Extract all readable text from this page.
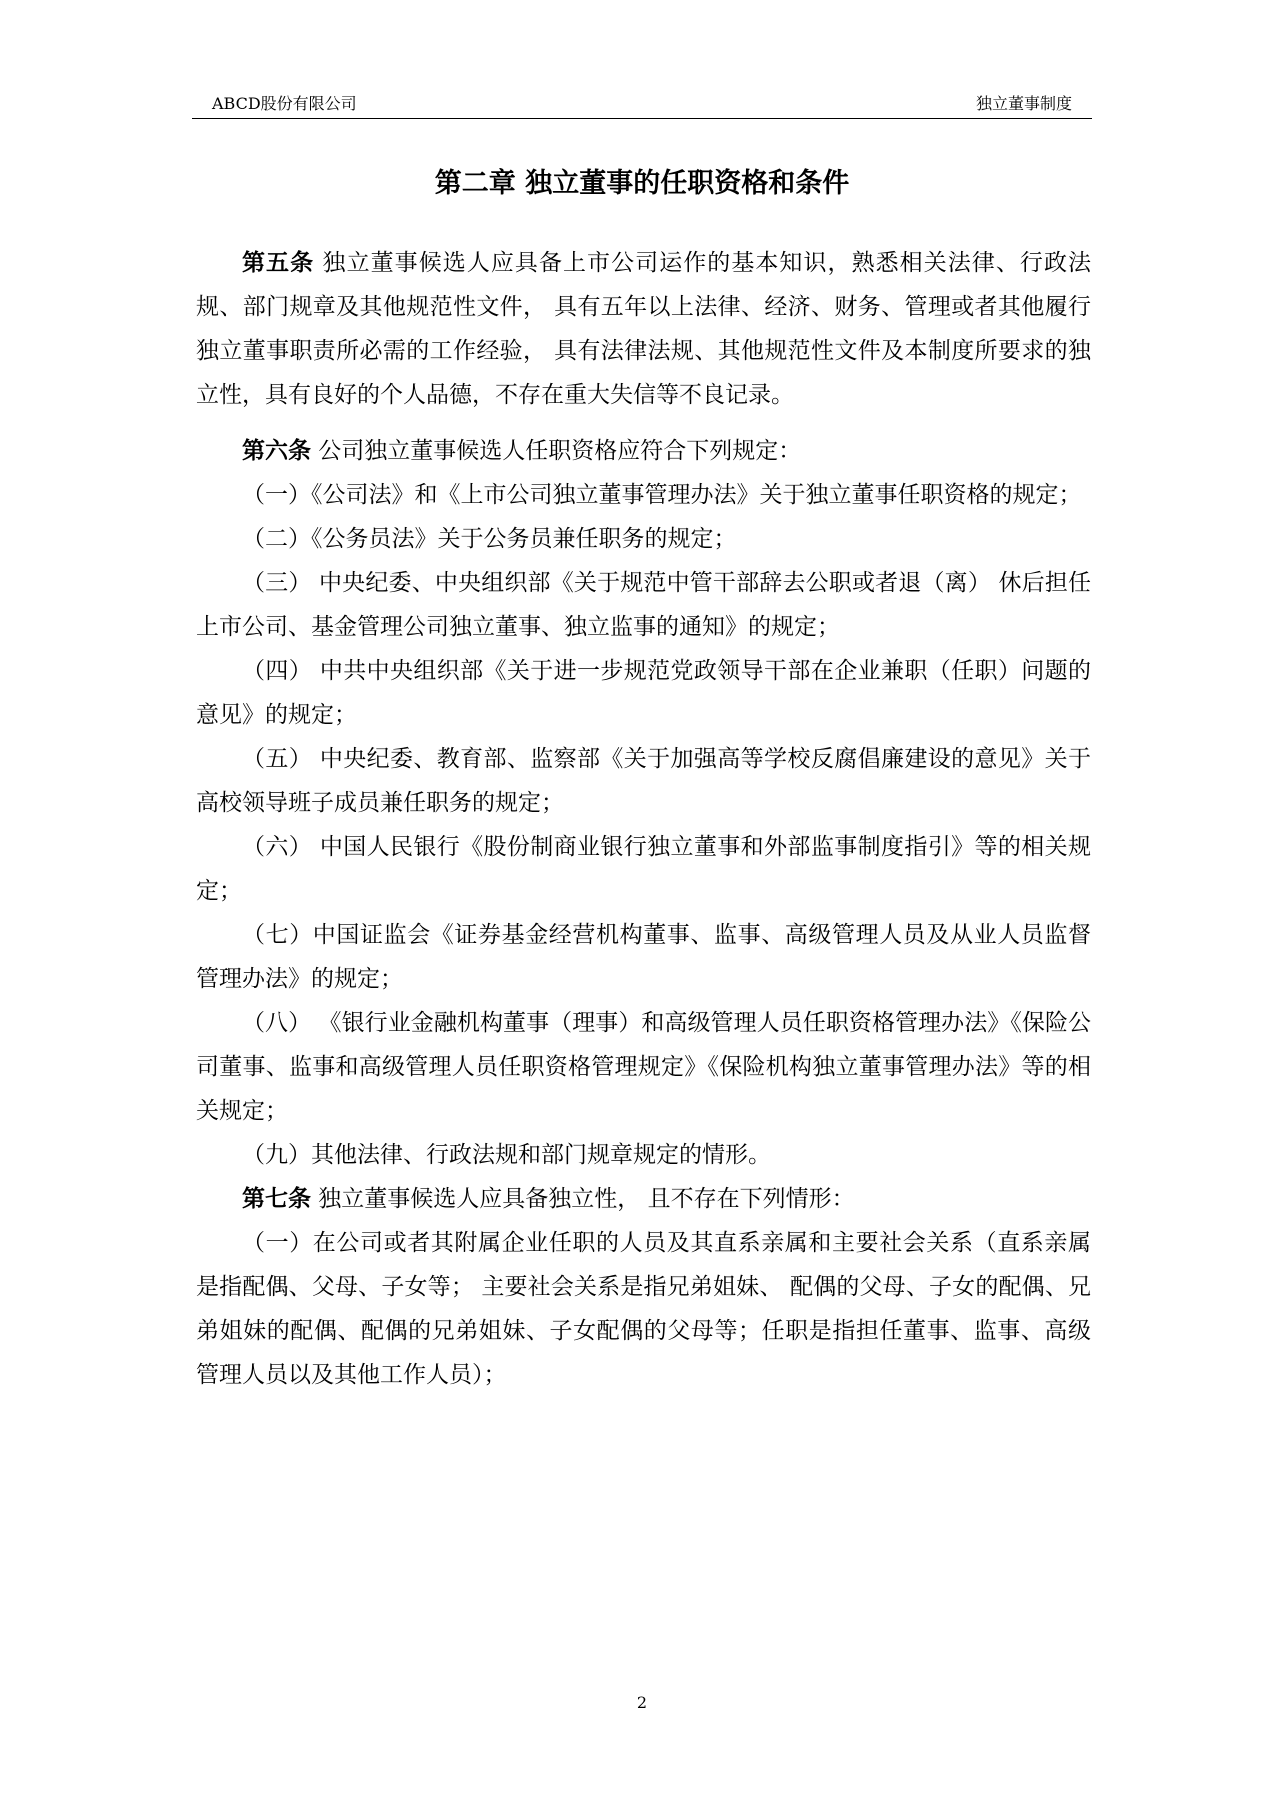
ABCD股份有限公司	独立董事制度
第二章 独立董事的任职资格和条件

第五条 独立董事候选人应具备上市公司运作的基本知识，熟悉相关法律、行政法规、部门规章及其他规范性文件， 具有五年以上法律、经济、财务、管理或者其他履行独立董事职责所必需的工作经验， 具有法律法规、其他规范性文件及本制度所要求的独立性，具有良好的个人品德，不存在重大失信等不良记录。

第六条 公司独立董事候选人任职资格应符合下列规定：

（一）《公司法》和《上市公司独立董事管理办法》关于独立董事任职资格的规定；

（二）《公务员法》关于公务员兼任职务的规定；

（三） 中央纪委、中央组织部《关于规范中管干部辞去公职或者退（离） 休后担任上市公司、基金管理公司独立董事、独立监事的通知》的规定；

（四） 中共中央组织部《关于进一步规范党政领导干部在企业兼职（任职）问题的意见》的规定；

（五） 中央纪委、教育部、监察部《关于加强高等学校反腐倡廉建设的意见》关于高校领导班子成员兼任职务的规定；

（六） 中国人民银行《股份制商业银行独立董事和外部监事制度指引》等的相关规定；

（七）中国证监会《证券基金经营机构董事、监事、高级管理人员及从业人员监督管理办法》的规定；

（八） 《银行业金融机构董事（理事）和高级管理人员任职资格管理办法》《保险公司董事、监事和高级管理人员任职资格管理规定》《保险机构独立董事管理办法》等的相关规定；

（九）其他法律、行政法规和部门规章规定的情形。

第七条 独立董事候选人应具备独立性， 且不存在下列情形：

（一）在公司或者其附属企业任职的人员及其直系亲属和主要社会关系（直系亲属是指配偶、父母、子女等； 主要社会关系是指兄弟姐妹、 配偶的父母、子女的配偶、兄弟姐妹的配偶、配偶的兄弟姐妹、子女配偶的父母等；任职是指担任董事、监事、高级管理人员以及其他工作人员）；

2
